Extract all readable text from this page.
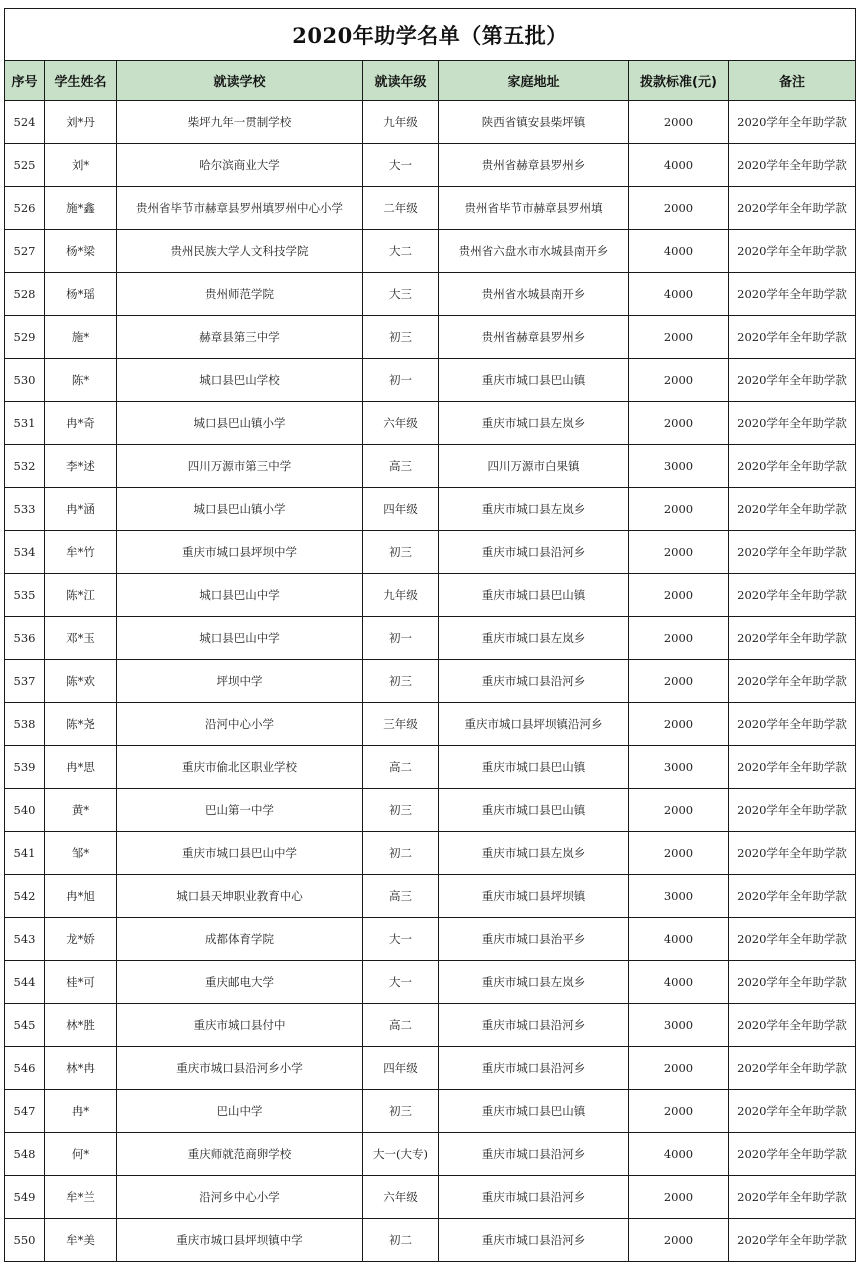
2020年助学名单（第五批）						
序号	学生姓名	就读学校	就读年级	家庭地址	拨款标准(元)	备注
524	刘*丹	柴坪九年一贯制学校	九年级	陕西省镇安县柴坪镇	2000	2020学年全年助学款
525	刘*	哈尔滨商业大学	大一	贵州省赫章县罗州乡	4000	2020学年全年助学款
526	施*鑫	贵州省毕节市赫章县罗州填罗州中心小学	二年级	贵州省毕节市赫章县罗州填	2000	2020学年全年助学款
527	杨*梁	贵州民族大学人文科技学院	大二	贵州省六盘水市水城县南开乡	4000	2020学年全年助学款
528	杨*瑶	贵州师范学院	大三	贵州省水城县南开乡	4000	2020学年全年助学款
529	施*	赫章县第三中学	初三	贵州省赫章县罗州乡	2000	2020学年全年助学款
530	陈*	城口县巴山学校	初一	重庆市城口县巴山镇	2000	2020学年全年助学款
531	冉*奇	城口县巴山镇小学	六年级	重庆市城口县左岚乡	2000	2020学年全年助学款
532	李*述	四川万源市第三中学	高三	四川万源市白果镇	3000	2020学年全年助学款
533	冉*涵	城口县巴山镇小学	四年级	重庆市城口县左岚乡	2000	2020学年全年助学款
534	牟*竹	重庆市城口县坪坝中学	初三	重庆市城口县沿河乡	2000	2020学年全年助学款
535	陈*江	城口县巴山中学	九年级	重庆市城口县巴山镇	2000	2020学年全年助学款
536	邓*玉	城口县巴山中学	初一	重庆市城口县左岚乡	2000	2020学年全年助学款
537	陈*欢	坪坝中学	初三	重庆市城口县沿河乡	2000	2020学年全年助学款
538	陈*尧	沿河中心小学	三年级	重庆市城口县坪坝镇沿河乡	2000	2020学年全年助学款
539	冉*思	重庆市偷北区职业学校	高二	重庆市城口县巴山镇	3000	2020学年全年助学款
540	黄*	巴山第一中学	初三	重庆市城口县巴山镇	2000	2020学年全年助学款
541	邹*	重庆市城口县巴山中学	初二	重庆市城口县左岚乡	2000	2020学年全年助学款
542	冉*旭	城口县天坤职业教育中心	高三	重庆市城口县坪坝镇	3000	2020学年全年助学款
543	龙*娇	成都体育学院	大一	重庆市城口县治平乡	4000	2020学年全年助学款
544	桂*可	重庆邮电大学	大一	重庆市城口县左岚乡	4000	2020学年全年助学款
545	林*胜	重庆市城口县付中	高二	重庆市城口县沿河乡	3000	2020学年全年助学款
546	林*冉	重庆市城口县沿河乡小学	四年级	重庆市城口县沿河乡	2000	2020学年全年助学款
547	冉*	巴山中学	初三	重庆市城口县巴山镇	2000	2020学年全年助学款
548	何*	重庆师就范商卵学校	大一(大专)	重庆市城口县沿河乡	4000	2020学年全年助学款
549	牟*兰	沿河乡中心小学	六年级	重庆市城口县沿河乡	2000	2020学年全年助学款
550	牟*美	重庆市城口县坪坝镇中学	初二	重庆市城口县沿河乡	2000	2020学年全年助学款
